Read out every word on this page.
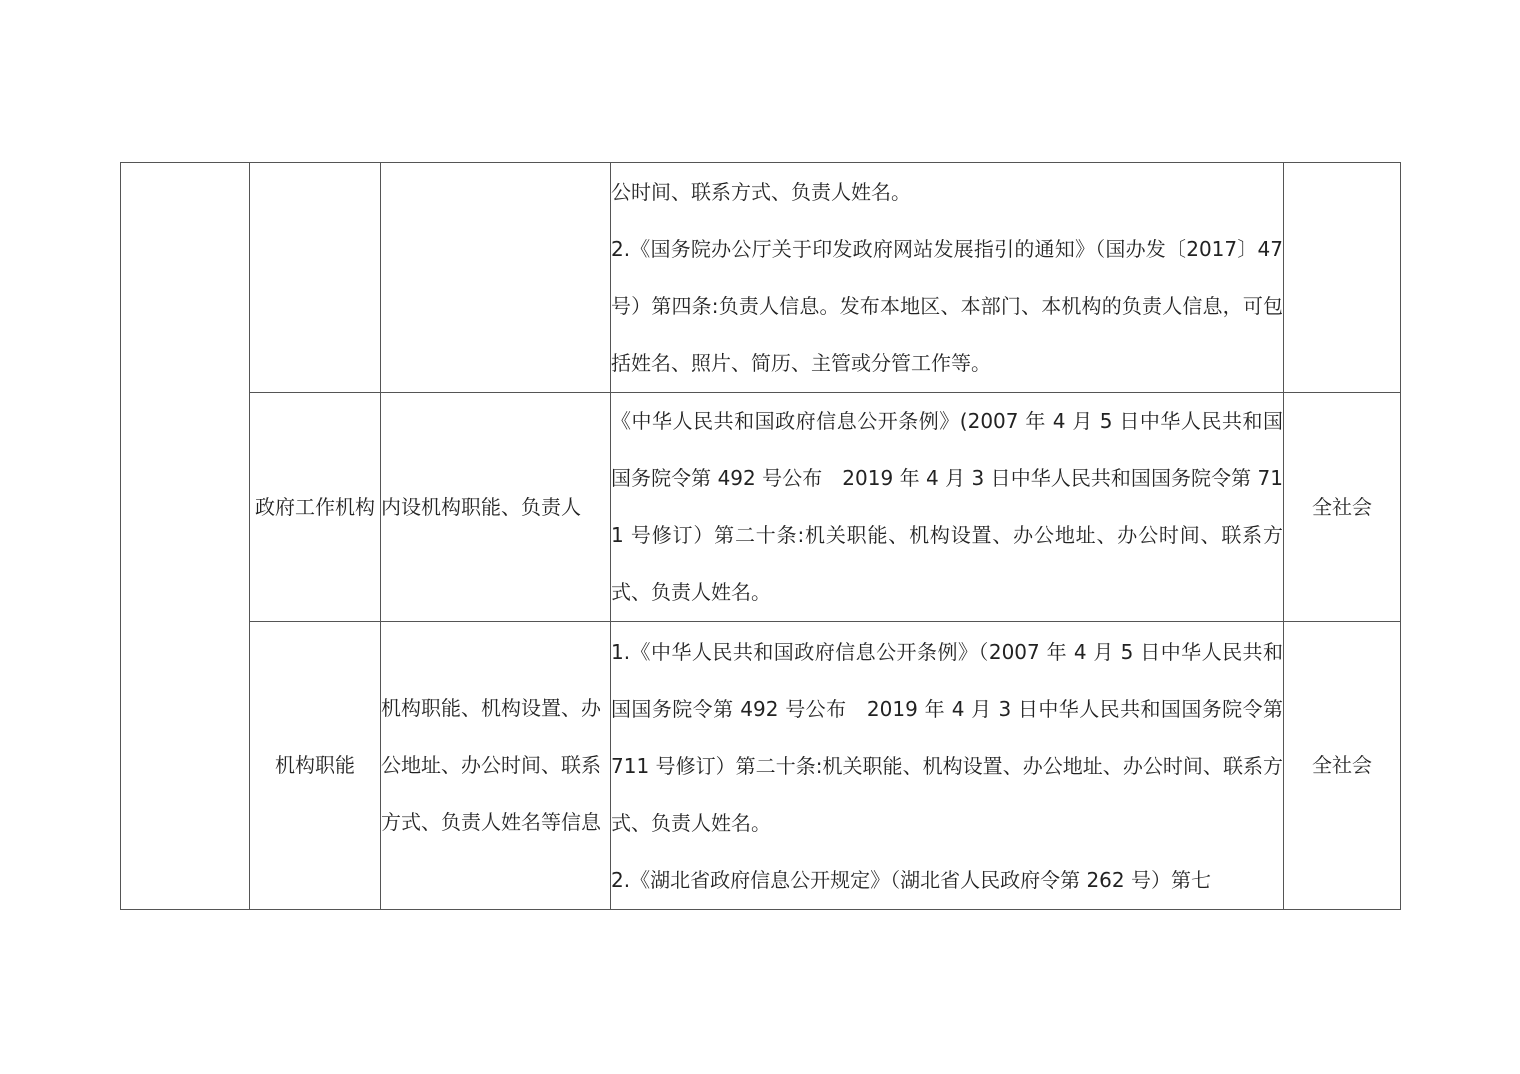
			公时间、联系方式、负责人姓名。

2.《国务院办公厅关于印发政府网站发展指引的通知》（国办发〔2017〕47 号）第四条:负责人信息。发布本地区、本部门、本机构的负责人信息，可包括姓名、照片、简历、主管或分管工作等。	

	政府工作机构	内设机构职能、负责人	《中华人民共和国政府信息公开条例》(2007 年 4 月 5 日中华人民共和国国务院令第 492 号公布　2019 年 4 月 3 日中华人民共和国国务院令第 711 号修订）第二十条:机关职能、机构设置、办公地址、办公时间、联系方式、负责人姓名。	全社会
	机构职能	机构职能、机构设置、办公地址、办公时间、联系方式、负责人姓名等信息	1.《中华人民共和国政府信息公开条例》（2007 年 4 月 5 日中华人民共和国国务院令第 492 号公布　2019 年 4 月 3 日中华人民共和国国务院令第 711 号修订）第二十条:机关职能、机构设置、办公地址、办公时间、联系方式、负责人姓名。

2.《湖北省政府信息公开规定》（湖北省人民政府令第 262 号）第七	全社会
